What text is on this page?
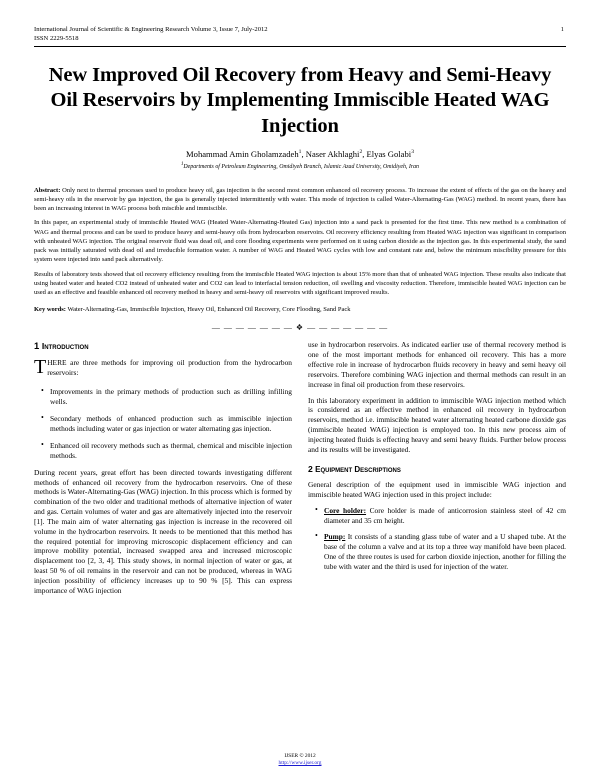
International Journal of Scientific & Engineering Research Volume 3, Issue 7, July-2012
ISSN 2229-5518
1
New Improved Oil Recovery from Heavy and Semi-Heavy Oil Reservoirs by Implementing Immiscible Heated WAG Injection
Mohammad Amin Gholamzadeh$^1$, Naser Akhlaghi$^2$, Elyas Golabi$^3$
$^1$Departments of Petroleum Engineering, Omidiyeh Branch, Islamic Azad University, Omidiyeh, Iran

Abstract: Only next to thermal processes used to produce heavy oil, gas injection is the second most common enhanced oil recovery process. To increase the extent of effects of the gas on the heavy and semi-heavy oils in the reservoir by gas injection, the gas is generally injected intermittently with water. This mode of injection is called Water-Alternating-Gas (WAG) method. In recent years, there has been an increasing interest in WAG process both miscible and immiscible.

In this paper, an experimental study of immiscible Heated WAG (Heated Water-Alternating-Heated Gas) injection into a sand pack is presented for the first time. This new method is a combination of WAG and thermal process and can be used to produce heavy and semi-heavy oils from hydrocarbon reservoirs. Oil recovery efficiency resulting from Heated WAG injection was significant in comparison with unheated WAG injection. The original reservoir fluid was dead oil, and core flooding experiments were performed on it using carbon dioxide as the injection gas. In this experimental study, the sand pack was initially saturated with dead oil and irreducible formation water. A number of WAG and Heated WAG cycles with low and constant rate and, below the minimum miscibility pressure for this system were injected into sand pack alternatively.

Results of laboratory tests showed that oil recovery efficiency resulting from the immiscible Heated WAG injection is about 15% more than that of unheated WAG injection. These results also indicate that using heated water and heated CO2 instead of unheated water and CO2 can lead to interfacial tension reduction, oil swelling and viscosity reduction. Therefore, immiscible heated WAG injection can be used as an effective and feasible enhanced oil recovery method in heavy and semi-heavy oil reservoirs with significant improved results.

Key words: Water-Alternating-Gas, Immiscible Injection, Heavy Oil, Enhanced Oil Recovery, Core Flooding, Sand Pack
— — — — — — — ❖ — — — — — — —
1 Introduction

THERE are three methods for improving oil production from the hydrocarbon reservoirs:

• Improvements in the primary methods of production such as drilling infilling wells.
• Secondary methods of enhanced production such as immiscible injection methods including water or gas injection or water alternating gas injection.
• Enhanced oil recovery methods such as thermal, chemical and miscible injection methods.

During recent years, great effort has been directed towards investigating different methods of enhanced oil recovery from the hydrocarbon reservoirs. One of these methods is Water-Alternating-Gas (WAG) injection. In this process which is formed by combination of the two older and traditional methods of alternative injection of water and gas. Certain volumes of water and gas are alternatively injected into the reservoir [1]. The main aim of water alternating gas injection is increase in the recovered oil volume in the hydrocarbon reservoirs. It needs to be mentioned that this method has the required potential for improving microscopic displacement efficiency and can improve mobility potential, increased swapped area and increased microscopic displacement too [2, 3, 4]. This study shows, in normal injection of water or gas, at least 50 % of oil remains in the reservoir and can not be produced, whereas in WAG injection possibility of efficiency increases up to 90 % [5]. This can express importance of WAG injection

use in hydrocarbon reservoirs. As indicated earlier use of thermal recovery method is one of the most important methods for enhanced oil recovery. This has a more effective role in increase of hydrocarbon fluids recovery in heavy and semi heavy oil reservoirs. Therefore combining WAG injection and thermal methods can result in an increase in final oil production from these reservoirs.

In this laboratory experiment in addition to immiscible WAG injection method which is considered as an effective method in enhanced oil recovery in hydrocarbon reservoirs, method i.e. immiscible heated water alternating heated carbone dioxide gas (immiscible heated WAG) injection is employed too. In this new process aim of injecting heated fluids is effecting heavy and semi heavy fluids. Further below process and its results will be investigated.

2 Equipment Descriptions

General description of the equipment used in immiscible WAG injection and immiscible heated WAG injection used in this project include:

• Core holder: Core holder is made of anticorrosion stainless steel of 42 cm diameter and 35 cm height.
• Pump: It consists of a standing glass tube of water and a U shaped tube. At the base of the column a valve and at its top a three way manifold have been placed. One of the three routes is used for carbon dioxide injection, another for filling the tube with water and the third is used for injection of the water.
IJSER © 2012
http://www.ijser.org
